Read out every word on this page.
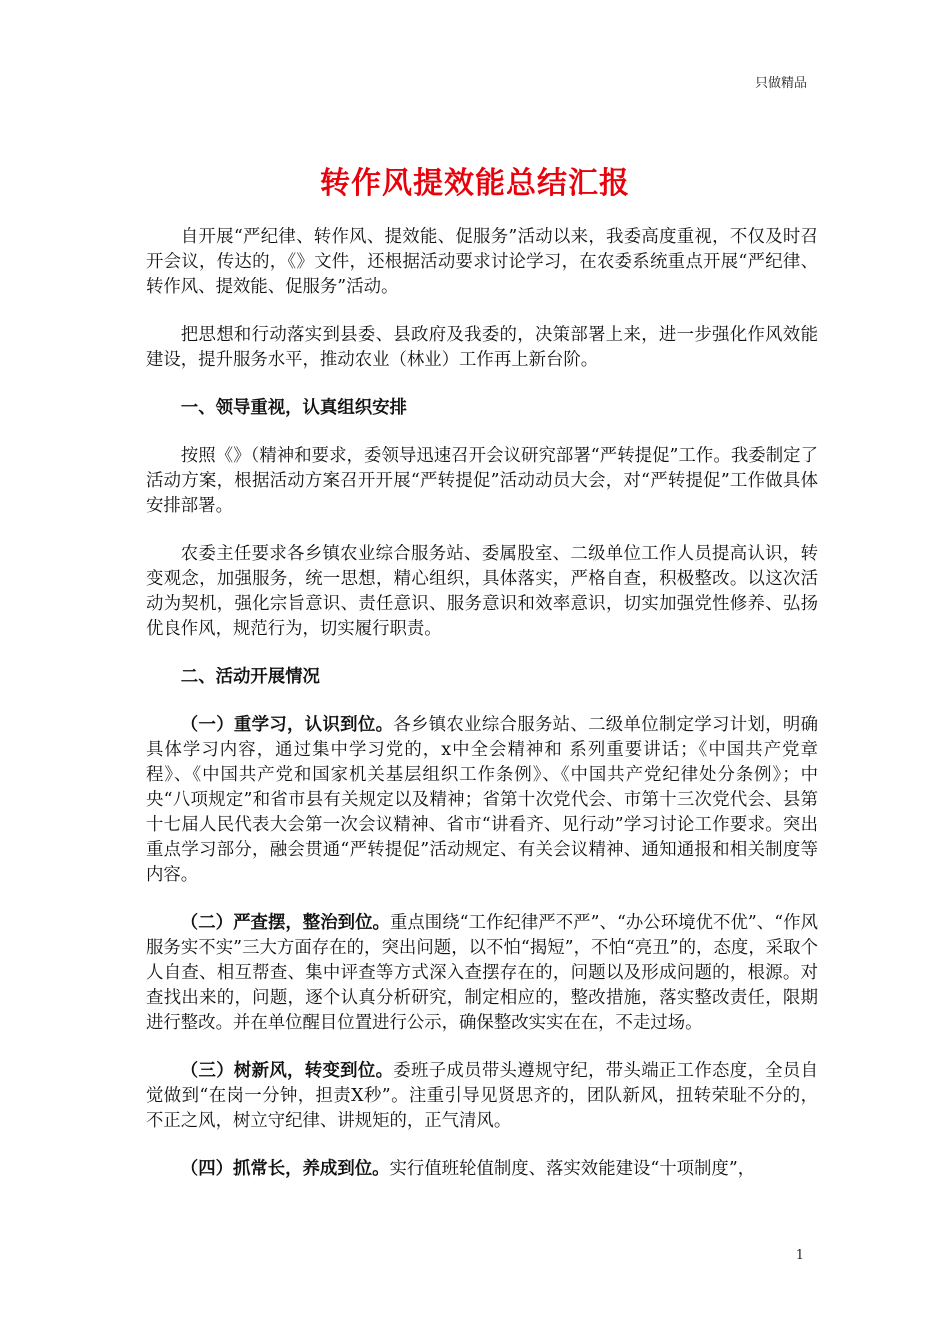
只做精品
转作风提效能总结汇报

自开展“严纪律、转作风、提效能、促服务”活动以来，我委高度重视，不仅及时召开会议，传达的，《》文件，还根据活动要求讨论学习，在农委系统重点开展“严纪律、转作风、提效能、促服务”活动。

把思想和行动落实到县委、县政府及我委的，决策部署上来，进一步强化作风效能建设，提升服务水平，推动农业（林业）工作再上新台阶。

一、领导重视，认真组织安排

按照《》（精神和要求，委领导迅速召开会议研究部署“严转提促”工作。我委制定了活动方案，根据活动方案召开开展“严转提促”活动动员大会，对“严转提促”工作做具体安排部署。

农委主任要求各乡镇农业综合服务站、委属股室、二级单位工作人员提高认识，转变观念，加强服务，统一思想，精心组织，具体落实，严格自查，积极整改。以这次活动为契机，强化宗旨意识、责任意识、服务意识和效率意识，切实加强党性修养、弘扬优良作风，规范行为，切实履行职责。

二、活动开展情况

（一）重学习，认识到位。各乡镇农业综合服务站、二级单位制定学习计划，明确具体学习内容，通过集中学习党的，x中全会精神和 系列重要讲话；《中国共产党章程》、《中国共产党和国家机关基层组织工作条例》、《中国共产党纪律处分条例》；中央“八项规定”和省市县有关规定以及精神；省第十次党代会、市第十三次党代会、县第十七届人民代表大会第一次会议精神、省市“讲看齐、见行动”学习讨论工作要求。突出重点学习部分，融会贯通“严转提促”活动规定、有关会议精神、通知通报和相关制度等内容。

（二）严查摆，整治到位。重点围绕“工作纪律严不严”、“办公环境优不优”、“作风服务实不实”三大方面存在的，突出问题，以不怕“揭短”，不怕“亮丑”的，态度，采取个人自查、相互帮查、集中评查等方式深入查摆存在的，问题以及形成问题的，根源。对查找出来的，问题，逐个认真分析研究，制定相应的，整改措施，落实整改责任，限期进行整改。并在单位醒目位置进行公示，确保整改实实在在，不走过场。

（三）树新风，转变到位。委班子成员带头遵规守纪，带头端正工作态度，全员自觉做到“在岗一分钟，担责X秒”。注重引导见贤思齐的，团队新风，扭转荣耻不分的，不正之风，树立守纪律、讲规矩的，正气清风。

（四）抓常长，养成到位。实行值班轮值制度、落实效能建设“十项制度”，

1
